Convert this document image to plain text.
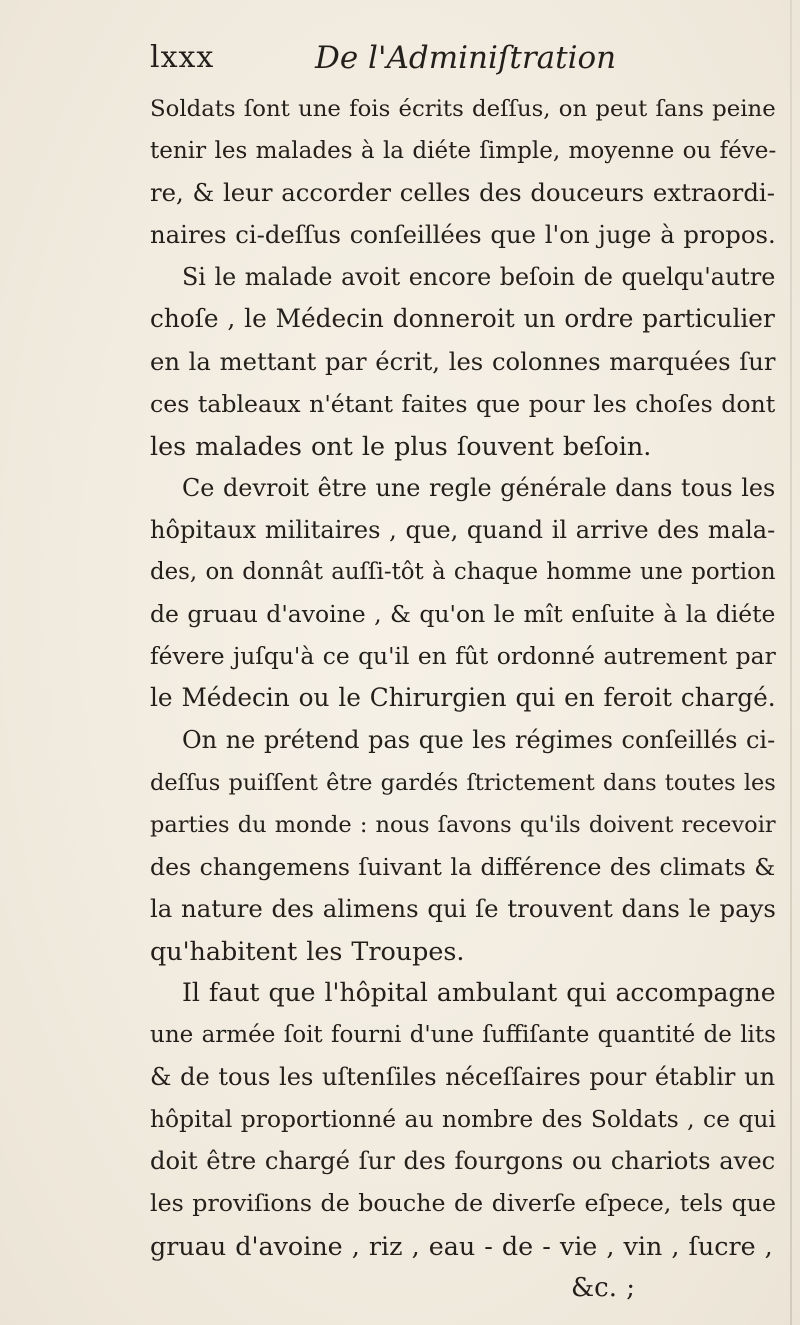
lxxx	De l'Adminiſtration
Soldats ſont une fois écrits deſſus, on peut ſans peine
tenir les malades à la diéte ſimple, moyenne ou féve-
re, & leur accorder celles des douceurs extraordi-
naires ci-deſſus conſeillées que l'on juge à propos.
Si le malade avoit encore beſoin de quelqu'autre
choſe , le Médecin donneroit un ordre particulier
en la mettant par écrit, les colonnes marquées ſur
ces tableaux n'étant faites que pour les choſes dont
les malades ont le plus ſouvent beſoin.
Ce devroit être une regle générale dans tous les
hôpitaux militaires , que, quand il arrive des mala-
des, on donnât auſſi-tôt à chaque homme une portion
de gruau d'avoine , & qu'on le mît enſuite à la diéte
févere juſqu'à ce qu'il en fût ordonné autrement par
le Médecin ou le Chirurgien qui en feroit chargé.
On ne prétend pas que les régimes conſeillés ci-
deſſus puiſſent être gardés ſtrictement dans toutes les
parties du monde : nous ſavons qu'ils doivent recevoir
des changemens ſuivant la différence des climats &
la nature des alimens qui ſe trouvent dans le pays
qu'habitent les Troupes.
Il faut que l'hôpital ambulant qui accompagne
une armée ſoit fourni d'une ſuffiſante quantité de lits
& de tous les uſtenſiles néceſſaires pour établir un
hôpital proportionné au nombre des Soldats , ce qui
doit être chargé ſur des fourgons ou chariots avec
les proviſions de bouche de diverſe eſpece, tels que
gruau d'avoine , riz , eau - de - vie , vin , ſucre ,
&c. ;
